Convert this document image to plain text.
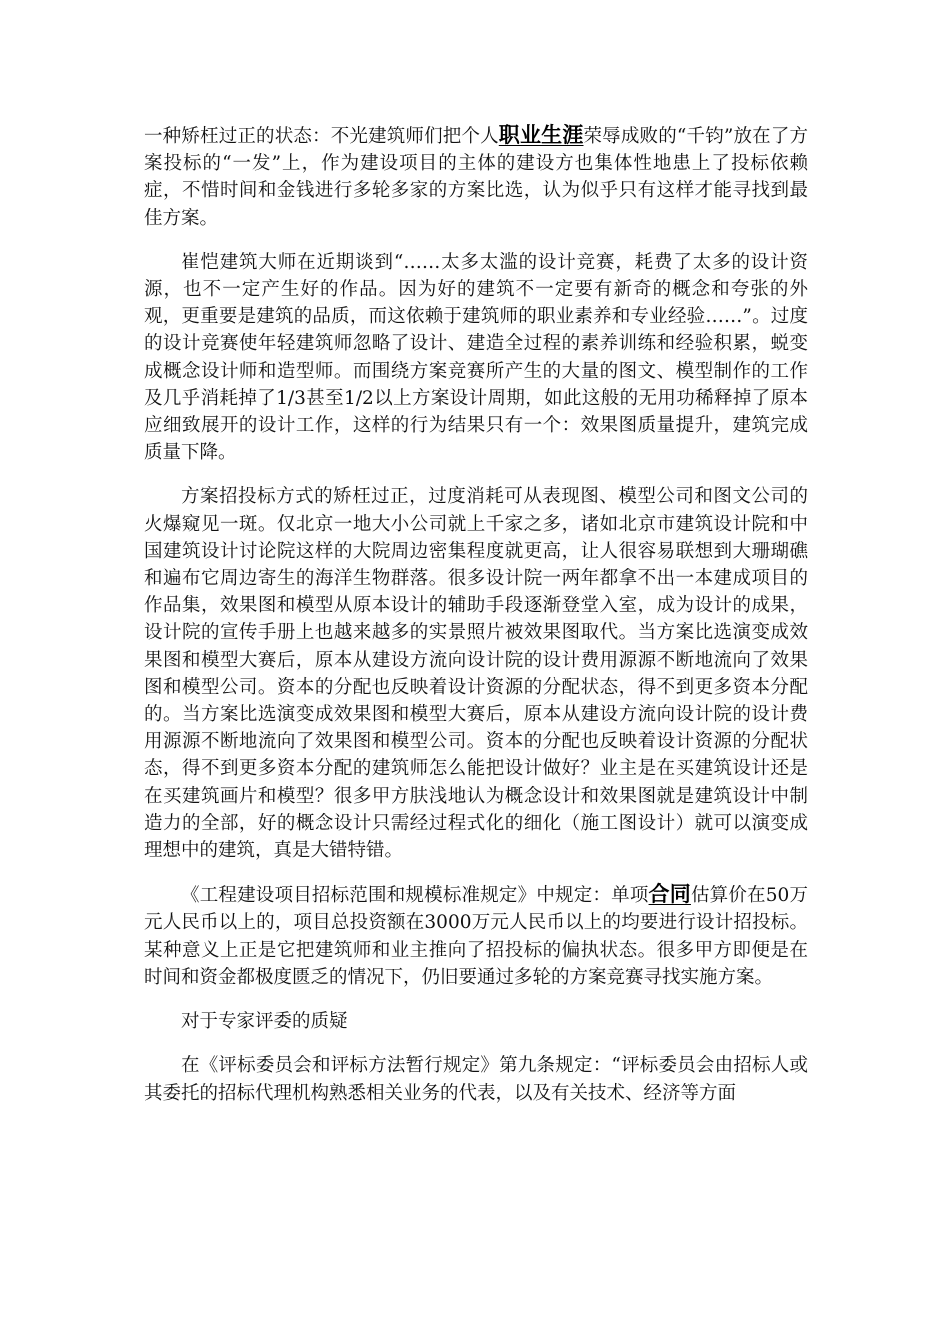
一种矫枉过正的状态：不光建筑师们把个人职业生涯荣辱成败的“千钧”放在了方案投标的“一发”上，作为建设项目的主体的建设方也集体性地患上了投标依赖症，不惜时间和金钱进行多轮多家的方案比选，认为似乎只有这样才能寻找到最佳方案。

崔恺建筑大师在近期谈到“……太多太滥的设计竞赛，耗费了太多的设计资源，也不一定产生好的作品。因为好的建筑不一定要有新奇的概念和夸张的外观，更重要是建筑的品质，而这依赖于建筑师的职业素养和专业经验……”。过度的设计竞赛使年轻建筑师忽略了设计、建造全过程的素养训练和经验积累，蜕变成概念设计师和造型师。而围绕方案竞赛所产生的大量的图文、模型制作的工作及几乎消耗掉了1/3甚至1/2以上方案设计周期，如此这般的无用功稀释掉了原本应细致展开的设计工作，这样的行为结果只有一个：效果图质量提升，建筑完成质量下降。

方案招投标方式的矫枉过正，过度消耗可从表现图、模型公司和图文公司的火爆窥见一斑。仅北京一地大小公司就上千家之多，诸如北京市建筑设计院和中国建筑设计讨论院这样的大院周边密集程度就更高，让人很容易联想到大珊瑚礁和遍布它周边寄生的海洋生物群落。很多设计院一两年都拿不出一本建成项目的作品集，效果图和模型从原本设计的辅助手段逐渐登堂入室，成为设计的成果，设计院的宣传手册上也越来越多的实景照片被效果图取代。当方案比选演变成效果图和模型大赛后，原本从建设方流向设计院的设计费用源源不断地流向了效果图和模型公司。资本的分配也反映着设计资源的分配状态，得不到更多资本分配的。当方案比选演变成效果图和模型大赛后，原本从建设方流向设计院的设计费用源源不断地流向了效果图和模型公司。资本的分配也反映着设计资源的分配状态，得不到更多资本分配的建筑师怎么能把设计做好？业主是在买建筑设计还是在买建筑画片和模型？很多甲方肤浅地认为概念设计和效果图就是建筑设计中制造力的全部，好的概念设计只需经过程式化的细化（施工图设计）就可以演变成理想中的建筑，真是大错特错。

《工程建设项目招标范围和规模标准规定》中规定：单项合同估算价在50万元人民币以上的，项目总投资额在3000万元人民币以上的均要进行设计招投标。某种意义上正是它把建筑师和业主推向了招投标的偏执状态。很多甲方即便是在时间和资金都极度匮乏的情况下，仍旧要通过多轮的方案竞赛寻找实施方案。

对于专家评委的质疑

在《评标委员会和评标方法暂行规定》第九条规定：“评标委员会由招标人或其委托的招标代理机构熟悉相关业务的代表，以及有关技术、经济等方面
